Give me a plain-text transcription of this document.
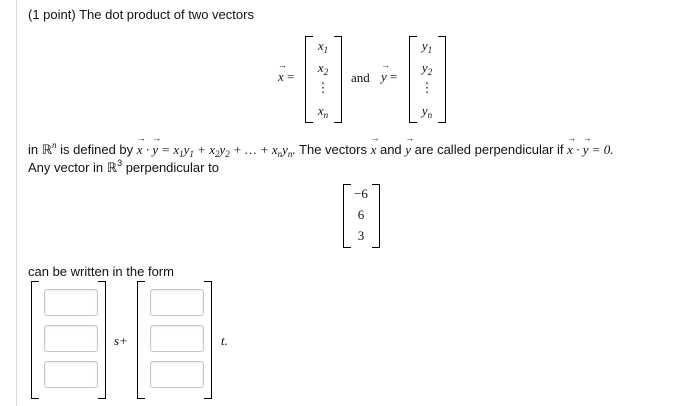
(1 point) The dot product of two vectors
→ x =
$x_1$
$x_2$
⋮
$x_n$
and → y =
$y_1$
$y_2$
⋮
$y_n$
in ℝ$^n$ is defined by → x · → $y = x_1y_1 + x_2y_2$ + … + $x_ny_n$. The vectors → x and → y are called perpendicular if → x · → y = 0.
Any vector in ℝ$^3$ perpendicular to
−6
6
3
can be written in the form
s+	t.
